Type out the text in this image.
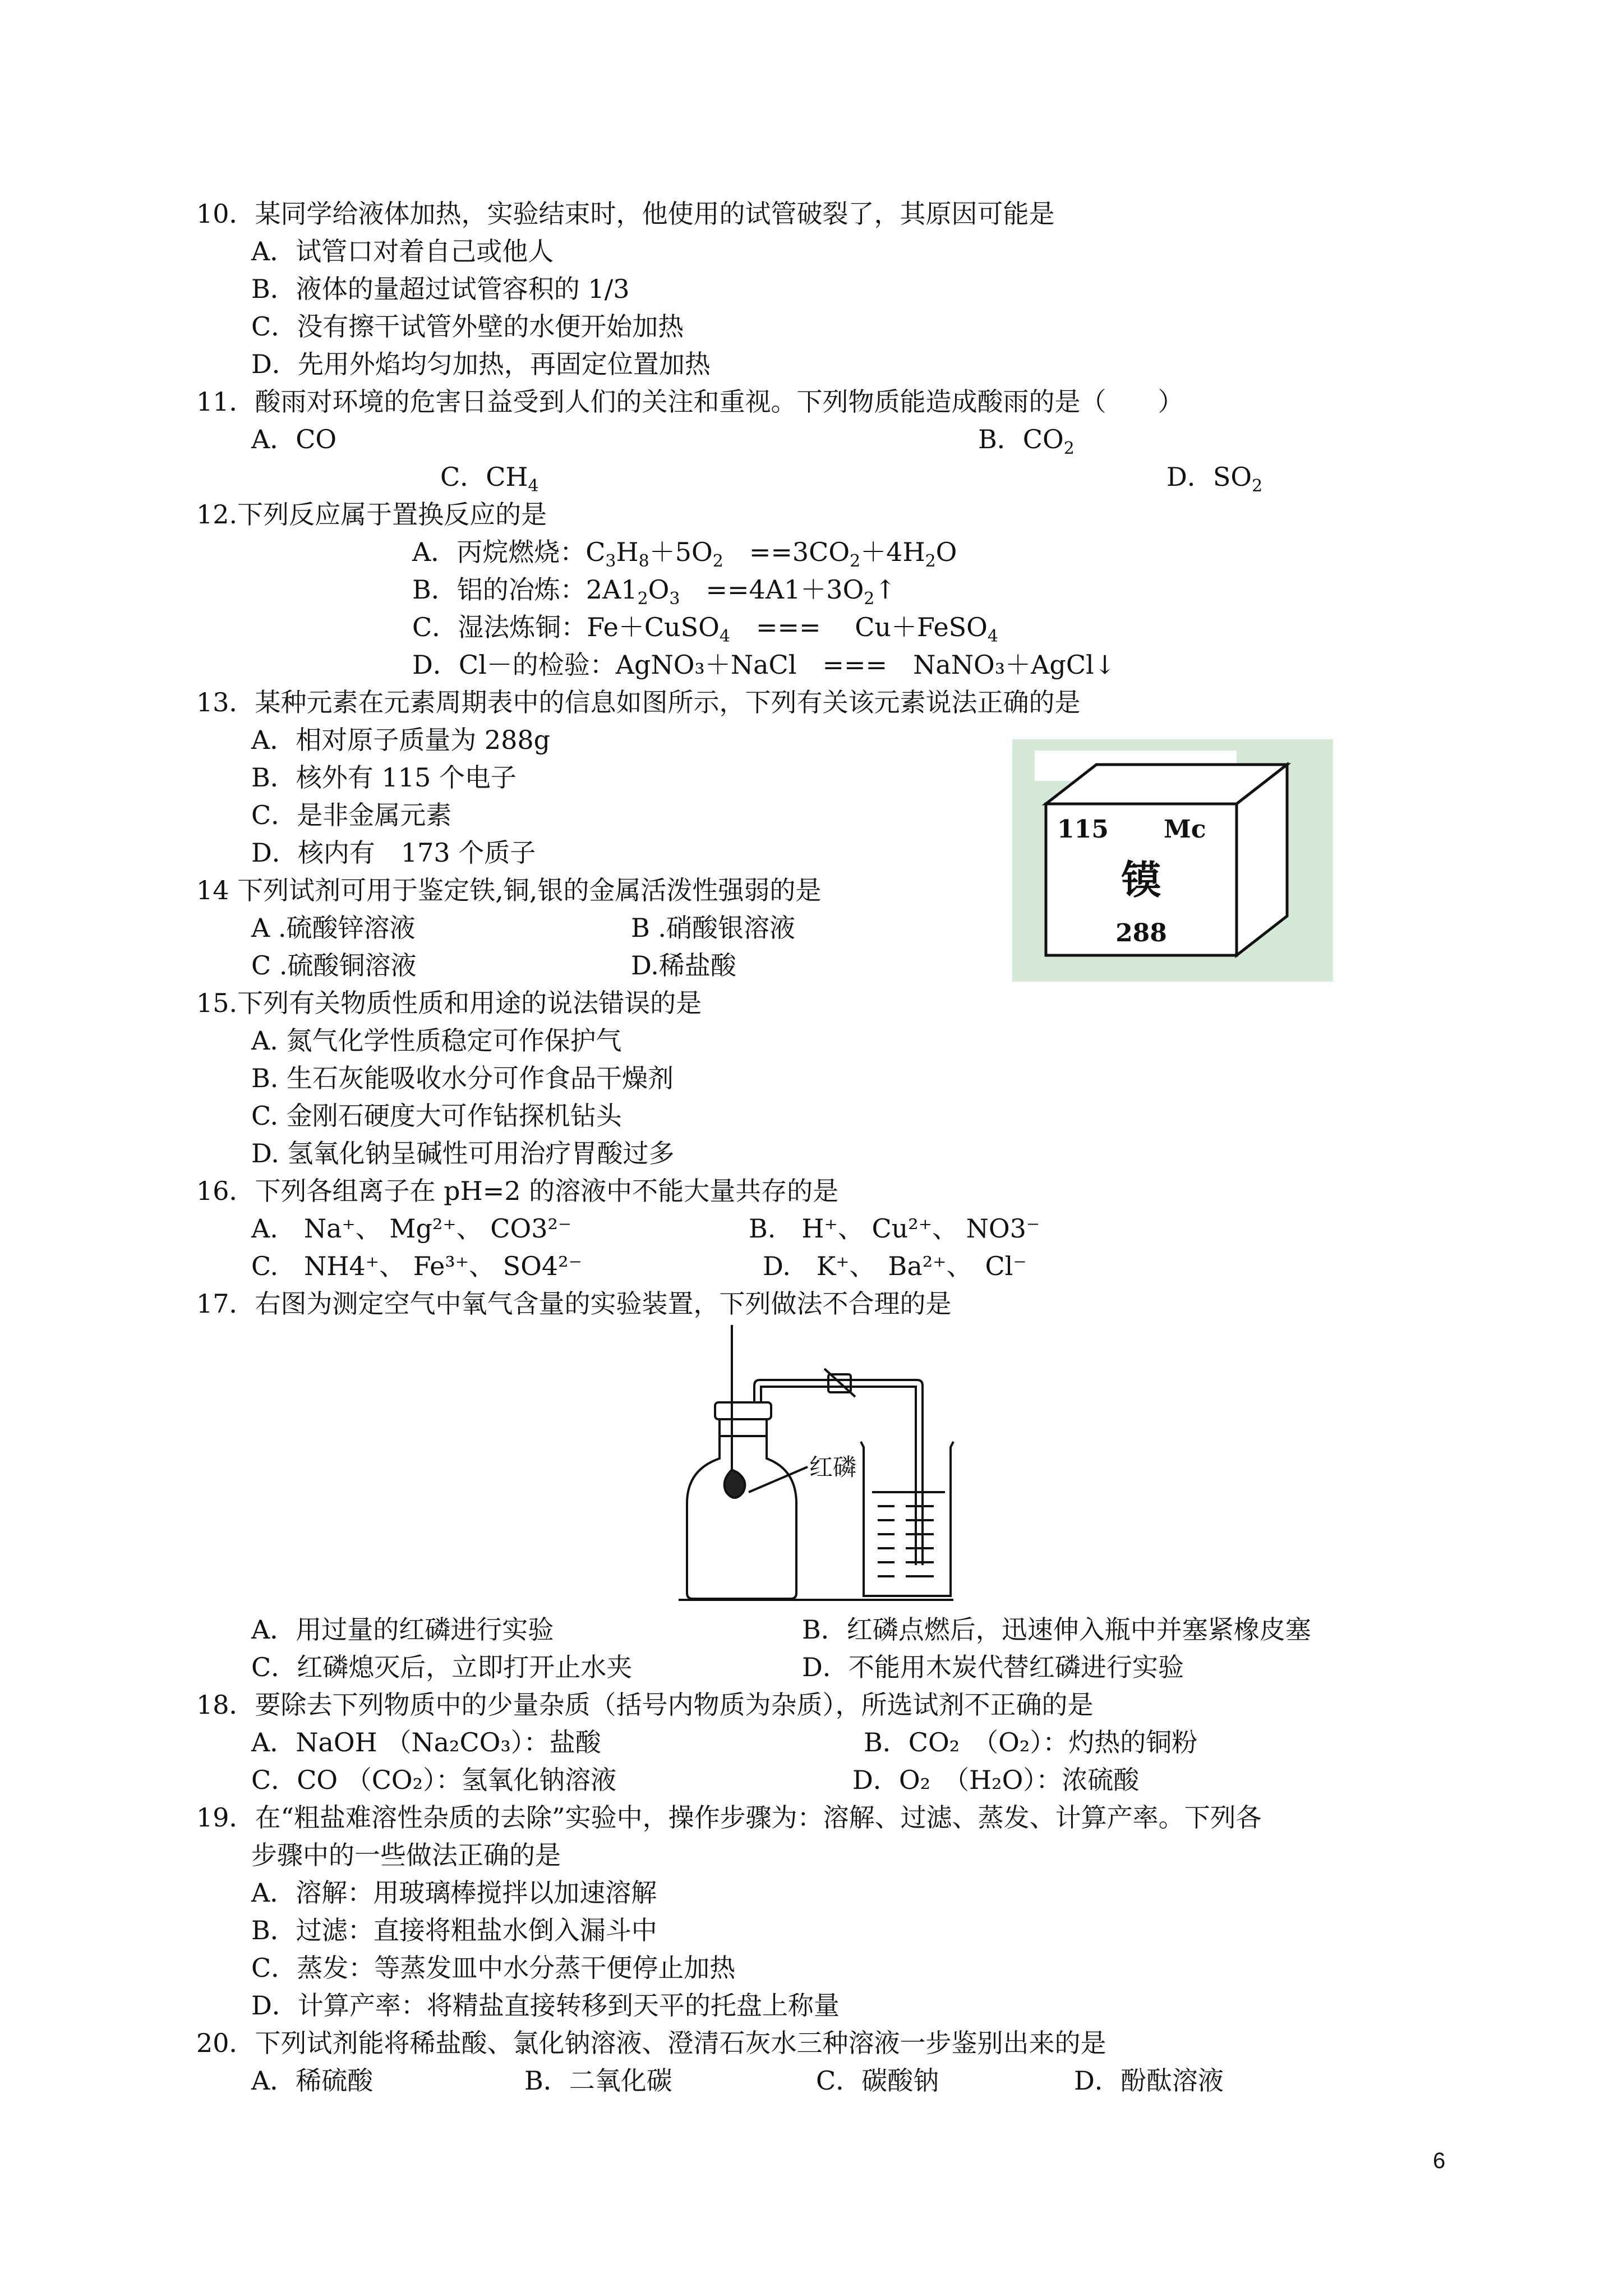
10．某同学给液体加热，实验结束时，他使用的试管破裂了，其原因可能是
A．试管口对着自己或他人
B．液体的量超过试管容积的 1/3
C．没有擦干试管外壁的水便开始加热
D．先用外焰均匀加热，再固定位置加热
11．酸雨对环境的危害日益受到人们的关注和重视。下列物质能造成酸雨的是（　　）
A．CO	B．$CO_2$
C．$CH_4$	D．$SO_2$
12.下列反应属于置换反应的是
A．丙烷燃烧：$C_3H_8+5O_2$　$==3CO_2+4H_2O$
B．铝的冶炼：$2A1_2O_3$　$==4A1+3O_2↑$
C．湿法炼铜：Fe＋CuSO$_4$　===　 Cu＋FeSO$_4$
D．Cl－的检验：AgNO₃＋NaCl　===　NaNO₃＋AgCl↓
13．某种元素在元素周期表中的信息如图所示，下列有关该元素说法正确的是
A．相对原子质量为 288g
B．核外有 115 个电子
C．是非金属元素
D．核内有　173 个质子
115 Mc
镆
288
14 下列试剂可用于鉴定铁,铜,银的金属活泼性强弱的是
A .硫酸锌溶液	B .硝酸银溶液
C .硫酸铜溶液	D.稀盐酸
15.下列有关物质性质和用途的说法错误的是
A. 氮气化学性质稳定可作保护气
B. 生石灰能吸收水分可作食品干燥剂
C. 金刚石硬度大可作钻探机钻头
D. 氢氧化钠呈碱性可用治疗胃酸过多
16．下列各组离子在 pH=2 的溶液中不能大量共存的是
A.　Na⁺、 Mg²⁺、 CO3²⁻	B.　H⁺、 Cu²⁺、 NO3⁻
C.　NH4⁺、 Fe³⁺、 SO4²⁻	D.　K⁺、　Ba²⁺、　Cl⁻
17．右图为测定空气中氧气含量的实验装置，下列做法不合理的是
红磷
A．用过量的红磷进行实验	B．红磷点燃后，迅速伸入瓶中并塞紧橡皮塞
C．红磷熄灭后，立即打开止水夹	D．不能用木炭代替红磷进行实验
18．要除去下列物质中的少量杂质（括号内物质为杂质），所选试剂不正确的是
A．NaOH （Na₂CO₃）：盐酸	B．CO₂　（O₂）：灼热的铜粉
C．CO （CO₂）：氢氧化钠溶液	D．O₂　（H₂O）：浓硫酸
19．在“粗盐难溶性杂质的去除”实验中，操作步骤为：溶解、过滤、蒸发、计算产率。下列各
步骤中的一些做法正确的是
A．溶解：用玻璃棒搅拌以加速溶解
B．过滤：直接将粗盐水倒入漏斗中
C．蒸发：等蒸发皿中水分蒸干便停止加热
D．计算产率：将精盐直接转移到天平的托盘上称量
20．下列试剂能将稀盐酸、氯化钠溶液、澄清石灰水三种溶液一步鉴别出来的是
A．稀硫酸	B．二氧化碳	C．碳酸钠	D．酚酞溶液
6
